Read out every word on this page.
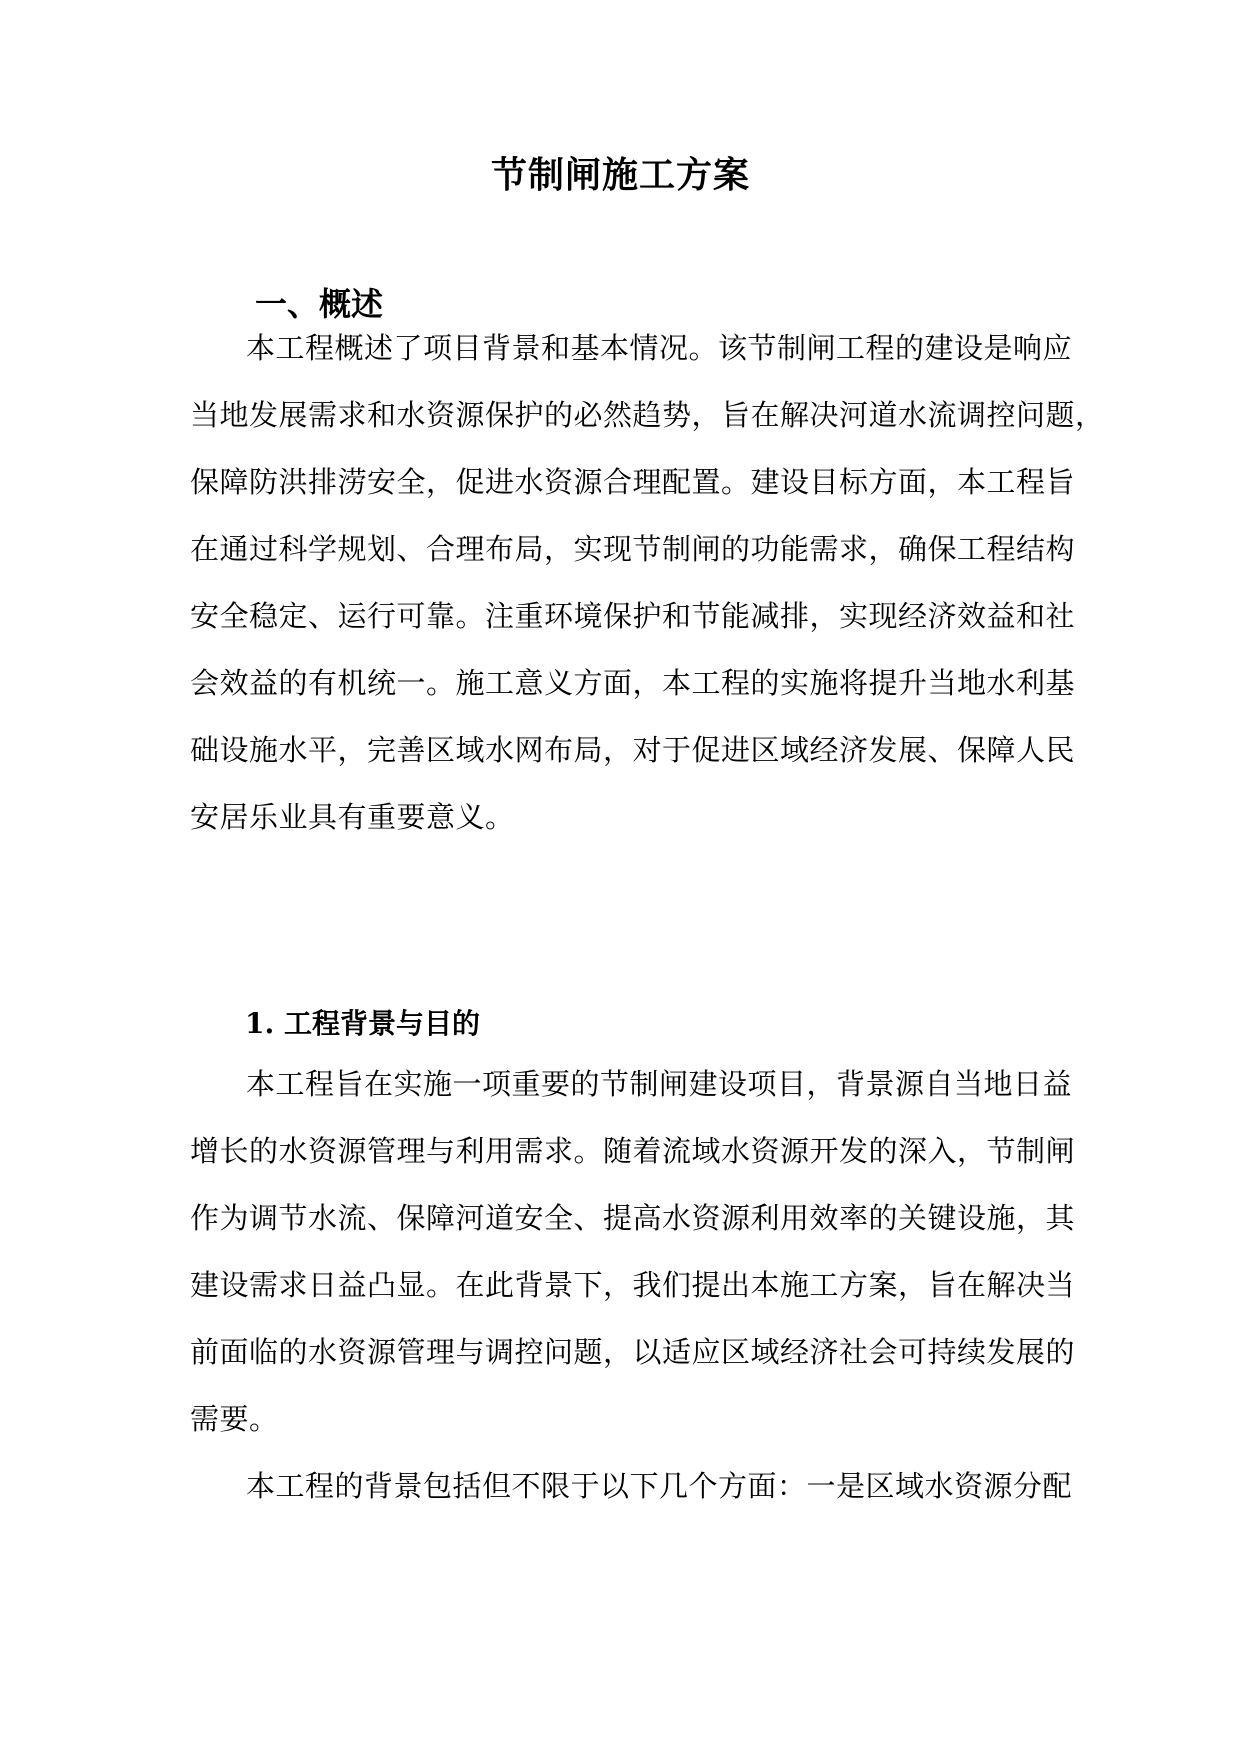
节制闸施工方案
一、概述
本工程概述了项目背景和基本情况。该节制闸工程的建设是响应
当地发展需求和水资源保护的必然趋势，旨在解决河道水流调控问题，
保障防洪排涝安全，促进水资源合理配置。建设目标方面，本工程旨
在通过科学规划、合理布局，实现节制闸的功能需求，确保工程结构
安全稳定、运行可靠。注重环境保护和节能减排，实现经济效益和社
会效益的有机统一。施工意义方面，本工程的实施将提升当地水利基
础设施水平，完善区域水网布局，对于促进区域经济发展、保障人民
安居乐业具有重要意义。
1. 工程背景与目的
本工程旨在实施一项重要的节制闸建设项目，背景源自当地日益
增长的水资源管理与利用需求。随着流域水资源开发的深入，节制闸
作为调节水流、保障河道安全、提高水资源利用效率的关键设施，其
建设需求日益凸显。在此背景下，我们提出本施工方案，旨在解决当
前面临的水资源管理与调控问题，以适应区域经济社会可持续发展的
需要。
本工程的背景包括但不限于以下几个方面：一是区域水资源分配
